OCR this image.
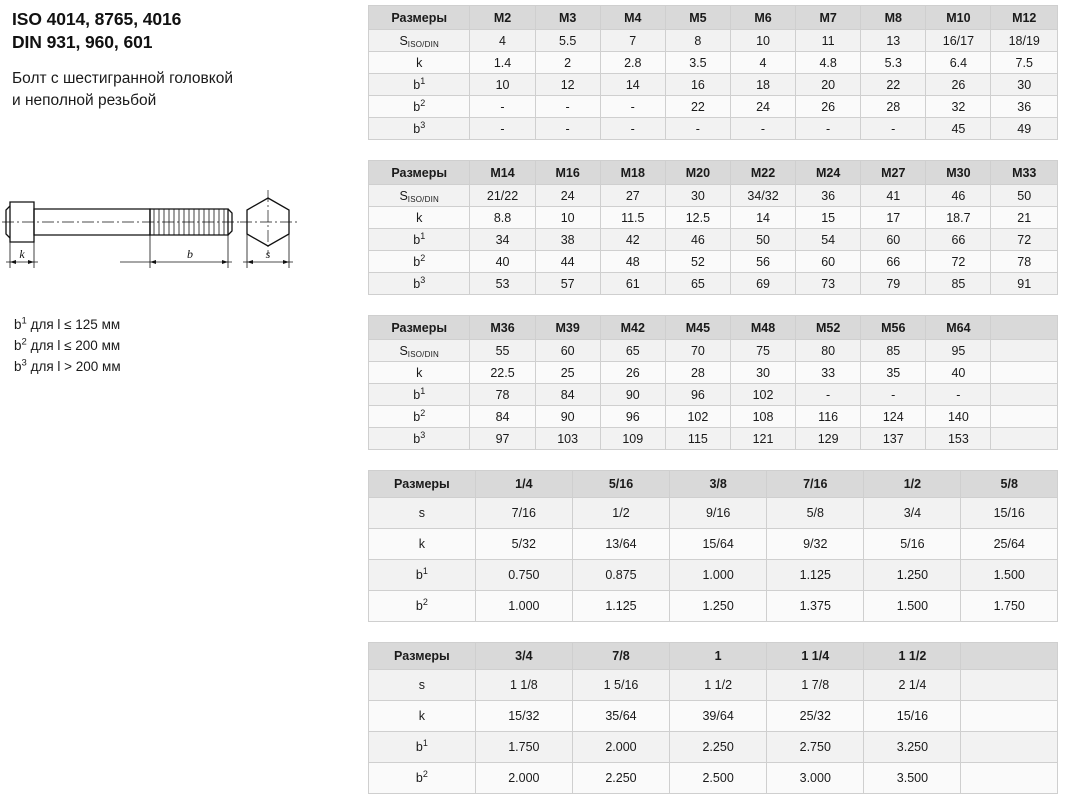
ISO 4014, 8765, 4016
DIN 931, 960, 601

Болт с шестигранной головкой
и неполной резьбой

k	b	s
$b^1$ для l ≤ 125 мм
$b^2$ для l ≤ 200 мм
$b^3$ для l > 200 мм
Размеры	M2	M3	M4	M5	M6	M7	M8	M10	M12
$S_{ISO/DIN}$	4	5.5	7	8	10	11	13	16/17	18/19
k	1.4	2	2.8	3.5	4	4.8	5.3	6.4	7.5
$b^1$	10	12	14	16	18	20	22	26	30
$b^2$	-	-	-	22	24	26	28	32	36
$b^3$	-	-	-	-	-	-	-	45	49
Размеры	M14	M16	M18	M20	M22	M24	M27	M30	M33
$S_{ISO/DIN}$	21/22	24	27	30	34/32	36	41	46	50
k	8.8	10	11.5	12.5	14	15	17	18.7	21
$b^1$	34	38	42	46	50	54	60	66	72
$b^2$	40	44	48	52	56	60	66	72	78
$b^3$	53	57	61	65	69	73	79	85	91
Размеры	M36	M39	M42	M45	M48	M52	M56	M64	
$S_{ISO/DIN}$	55	60	65	70	75	80	85	95	
k	22.5	25	26	28	30	33	35	40	
$b^1$	78	84	90	96	102	-	-	-	
$b^2$	84	90	96	102	108	116	124	140	
$b^3$	97	103	109	115	121	129	137	153	
Размеры	1/4	5/16	3/8	7/16	1/2	5/8
s	7/16	1/2	9/16	5/8	3/4	15/16
k	5/32	13/64	15/64	9/32	5/16	25/64
$b^1$	0.750	0.875	1.000	1.125	1.250	1.500
$b^2$	1.000	1.125	1.250	1.375	1.500	1.750
Размеры	3/4	7/8	1	1 1/4	1 1/2	
s	1 1/8	1 5/16	1 1/2	1 7/8	2 1/4	
k	15/32	35/64	39/64	25/32	15/16	
$b^1$	1.750	2.000	2.250	2.750	3.250	
$b^2$	2.000	2.250	2.500	3.000	3.500	
